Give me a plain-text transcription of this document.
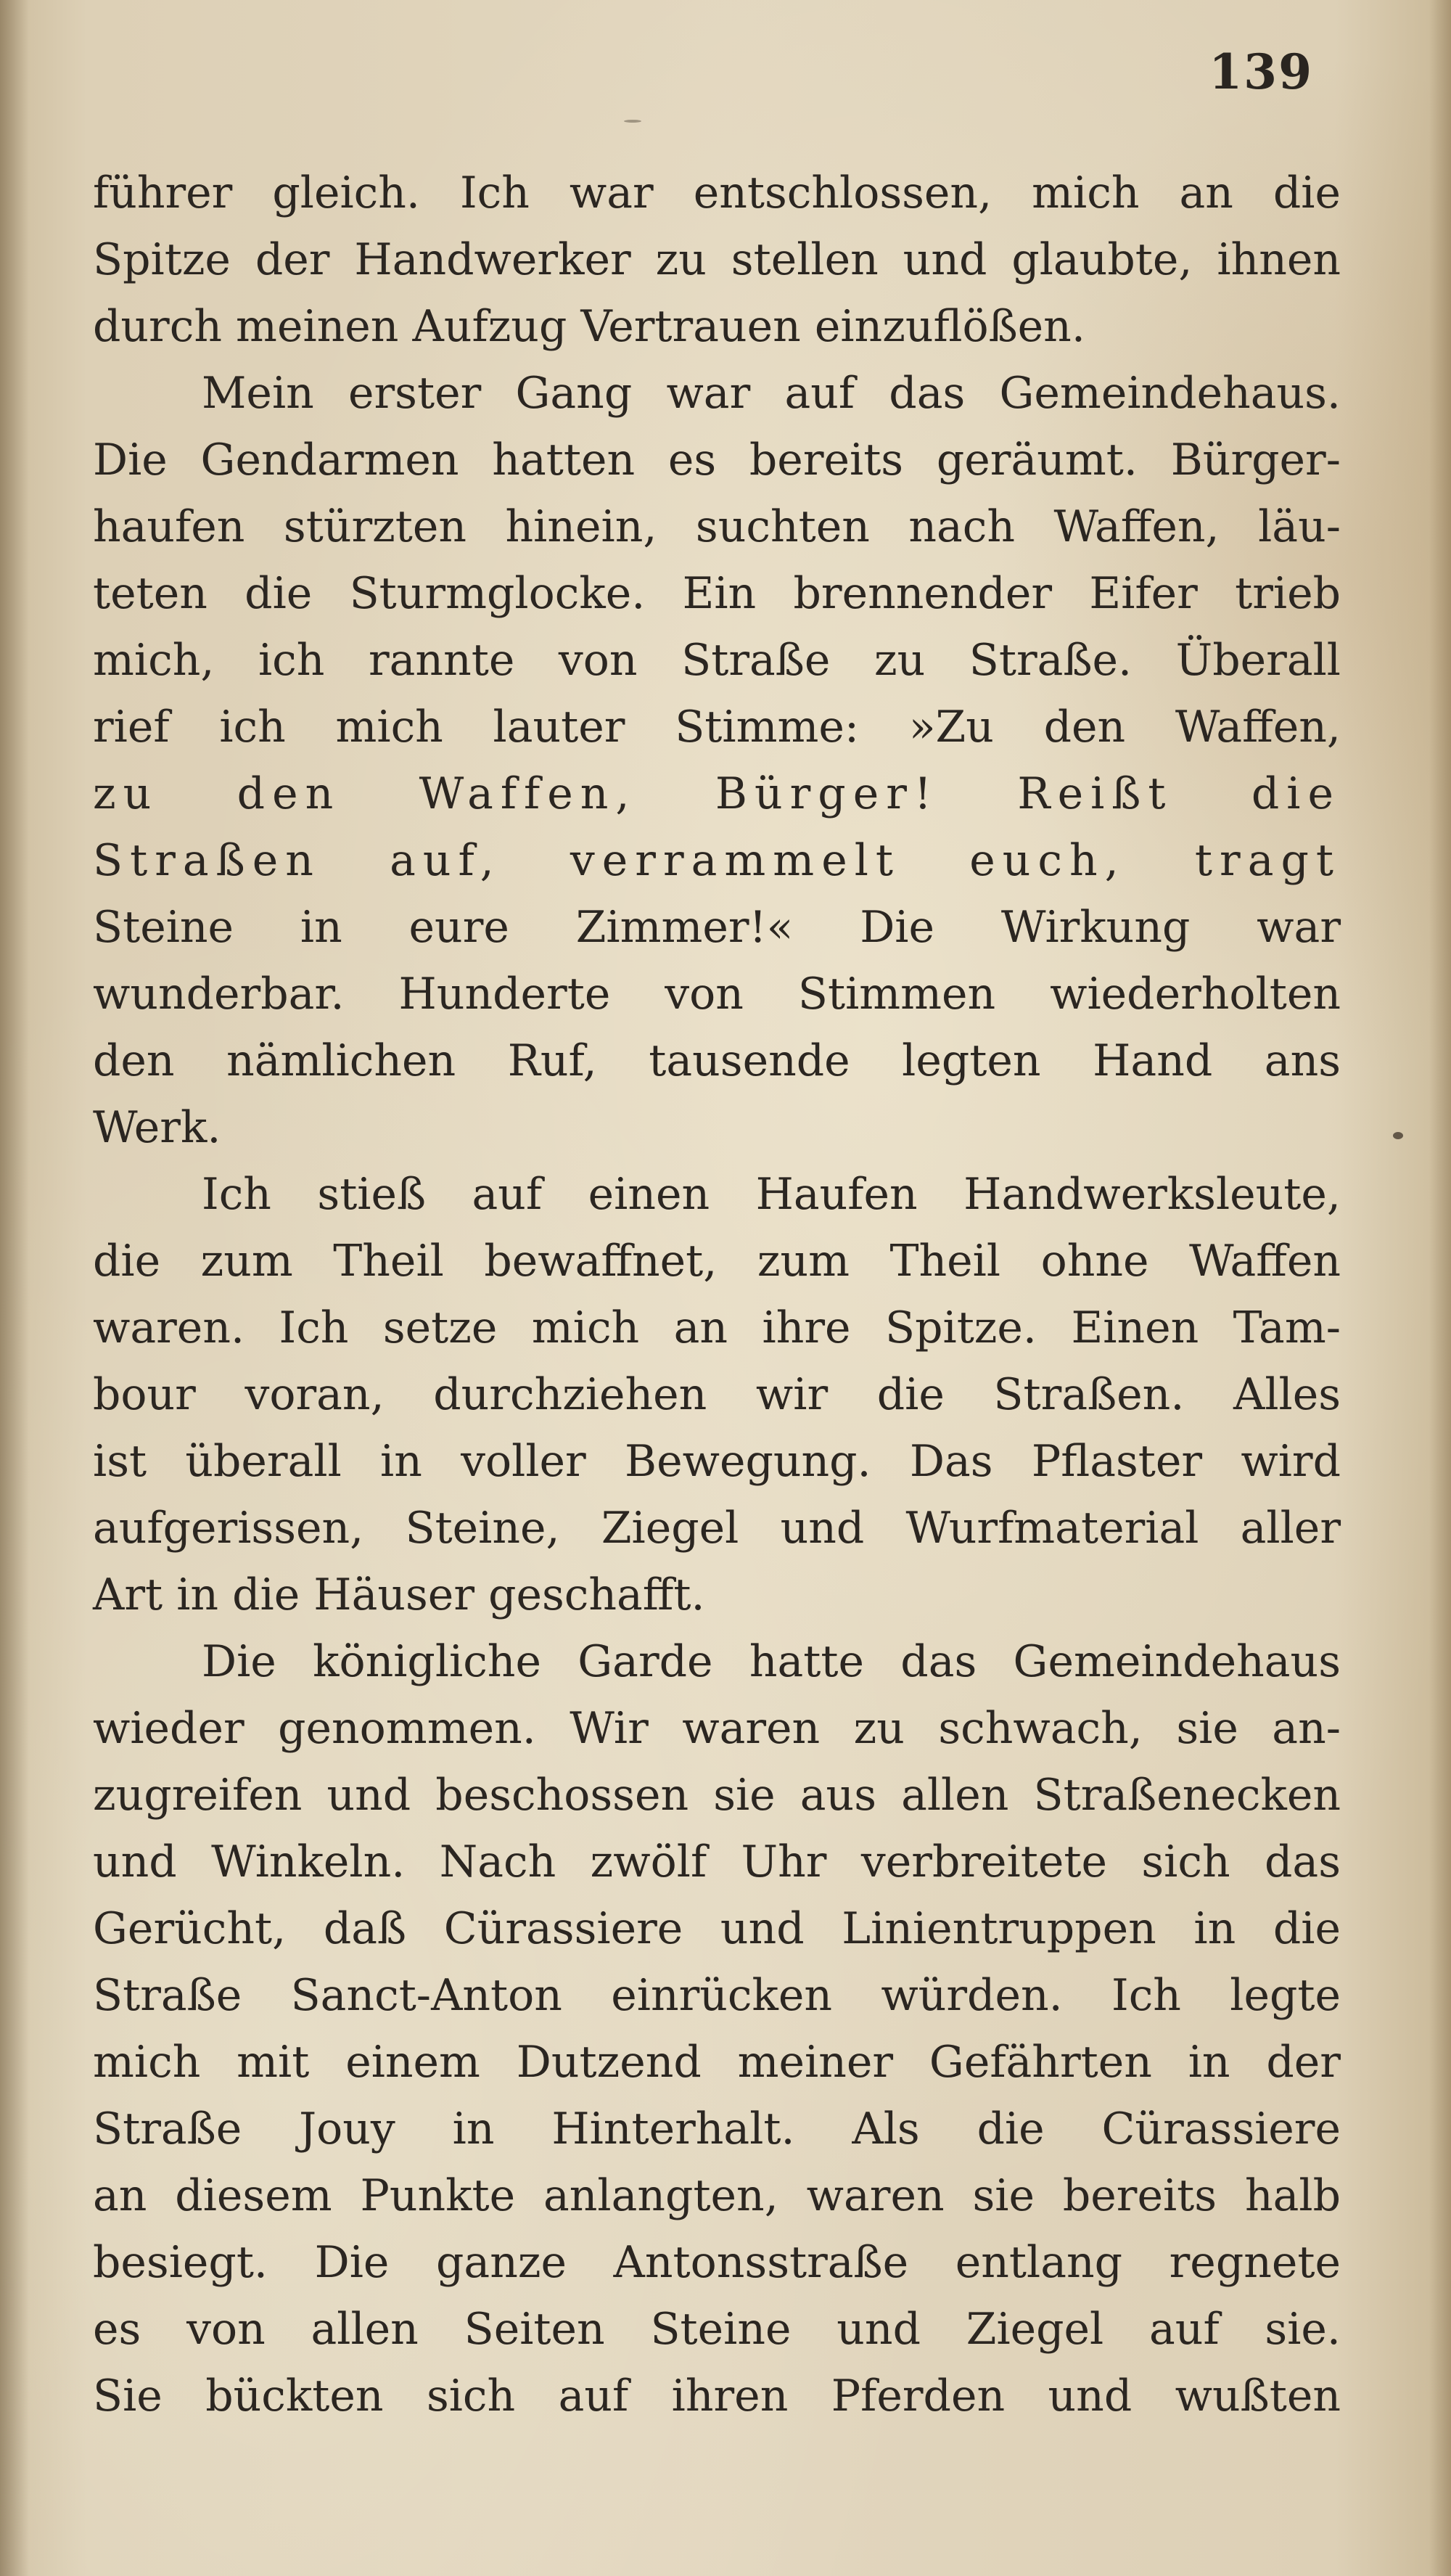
139
führer gleich. Ich war entschlossen, mich an die
Spitze der Handwerker zu stellen und glaubte, ihnen
durch meinen Aufzug Vertrauen einzuflößen.
Mein erster Gang war auf das Gemeindehaus.
Die Gendarmen hatten es bereits geräumt. Bürger-
haufen stürzten hinein, suchten nach Waffen, läu-
teten die Sturmglocke. Ein brennender Eifer trieb
mich, ich rannte von Straße zu Straße. Überall
rief ich mich lauter Stimme: »Zu den Waffen,
zu den Waffen, Bürger! Reißt die
Straßen auf, verrammelt euch, tragt
Steine in eure Zimmer!« Die Wirkung war
wunderbar. Hunderte von Stimmen wiederholten
den nämlichen Ruf, tausende legten Hand ans
Werk.
Ich stieß auf einen Haufen Handwerksleute,
die zum Theil bewaffnet, zum Theil ohne Waffen
waren. Ich setze mich an ihre Spitze. Einen Tam-
bour voran, durchziehen wir die Straßen. Alles
ist überall in voller Bewegung. Das Pflaster wird
aufgerissen, Steine, Ziegel und Wurfmaterial aller
Art in die Häuser geschafft.
Die königliche Garde hatte das Gemeindehaus
wieder genommen. Wir waren zu schwach, sie an-
zugreifen und beschossen sie aus allen Straßenecken
und Winkeln. Nach zwölf Uhr verbreitete sich das
Gerücht, daß Cürassiere und Linientruppen in die
Straße Sanct-Anton einrücken würden. Ich legte
mich mit einem Dutzend meiner Gefährten in der
Straße Jouy in Hinterhalt. Als die Cürassiere
an diesem Punkte anlangten, waren sie bereits halb
besiegt. Die ganze Antonsstraße entlang regnete
es von allen Seiten Steine und Ziegel auf sie.
Sie bückten sich auf ihren Pferden und wußten
